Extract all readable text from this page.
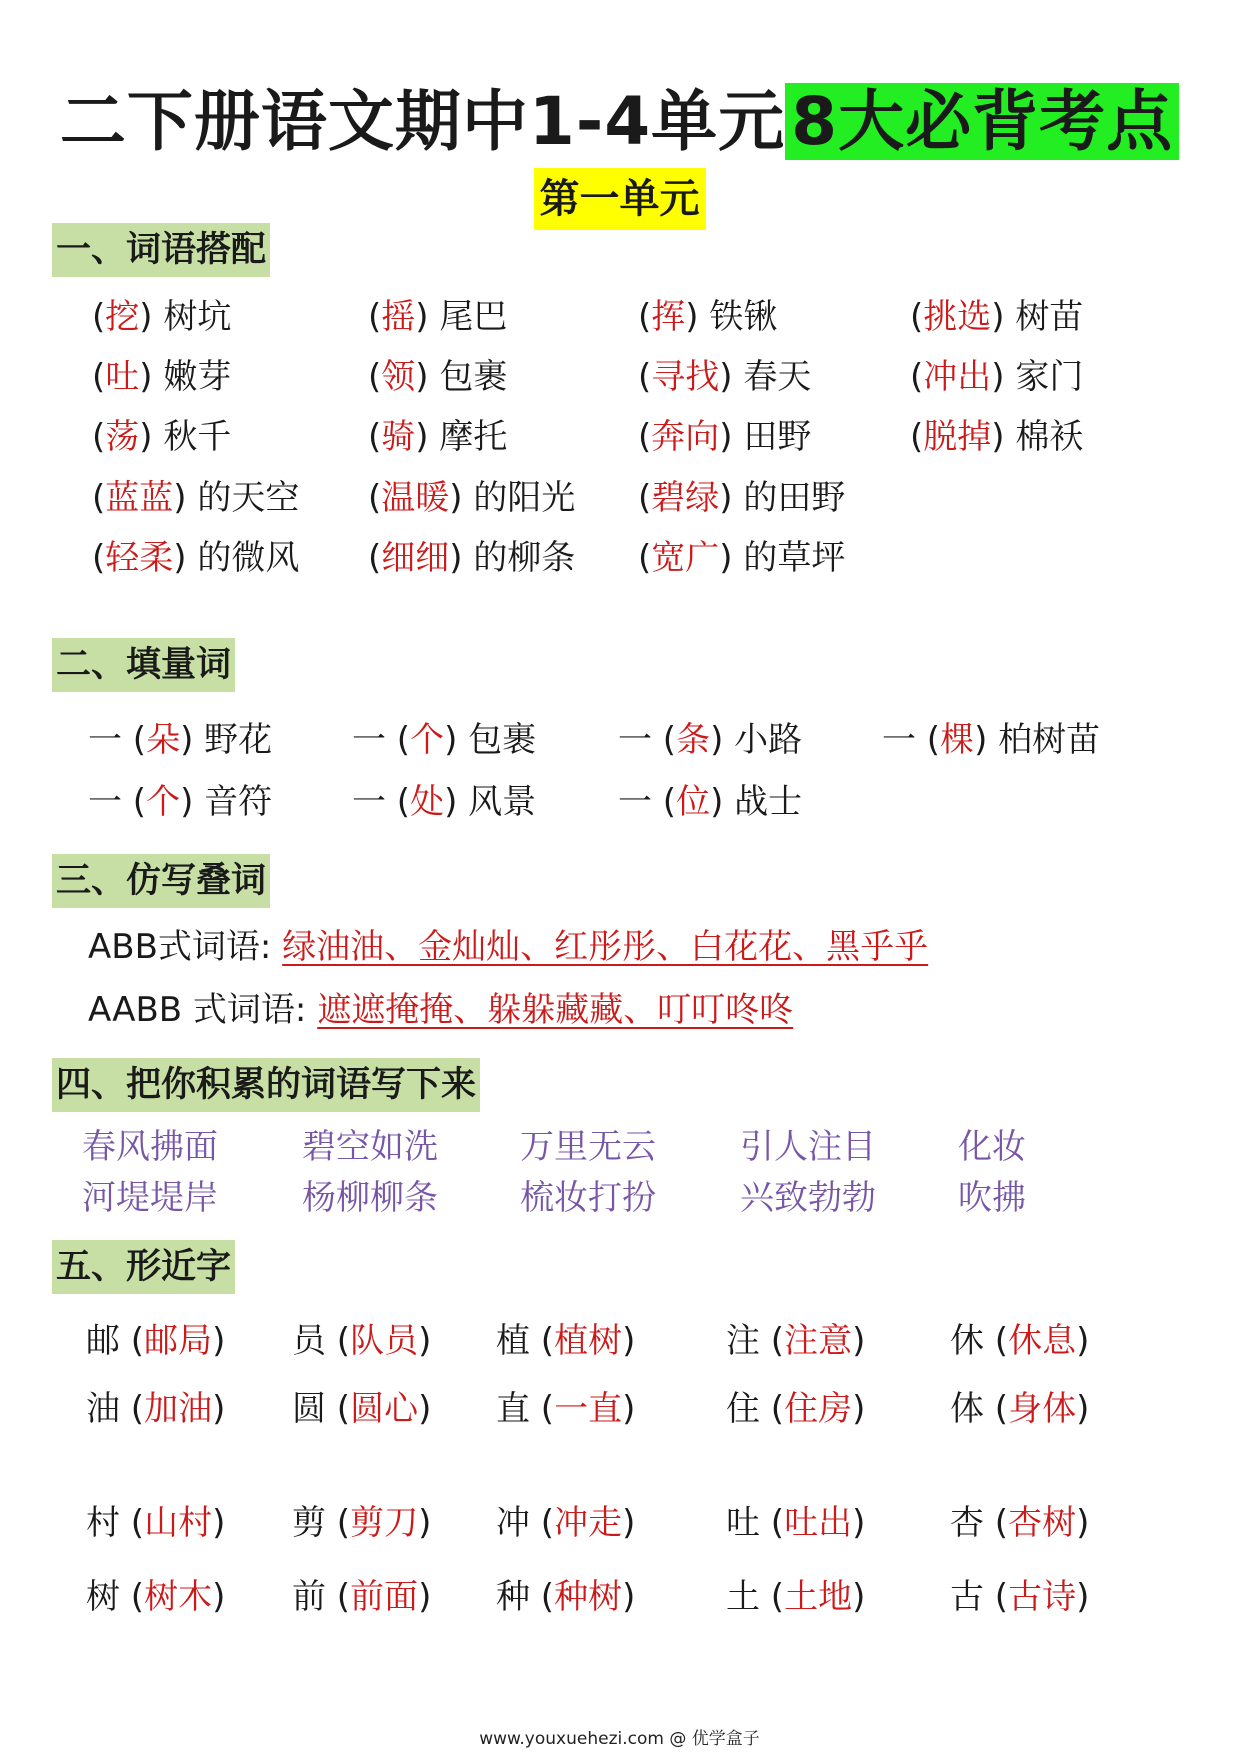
二下册语文期中1-4单元8大必背考点
第一单元
一、词语搭配
(挖) 树坑	(摇) 尾巴	(挥) 铁锹	(挑选) 树苗
(吐) 嫩芽	(领) 包裹	(寻找) 春天	(冲出) 家门
(荡) 秋千	(骑) 摩托	(奔向) 田野	(脱掉) 棉袄
(蓝蓝) 的天空 (温暖) 的阳光 (碧绿) 的田野
(轻柔) 的微风 (细细) 的柳条 (宽广) 的草坪
二、填量词
一 (朵) 野花 一 (个) 包裹 一 (条) 小路 一 (棵) 柏树苗
一 (个) 音符 一 (处) 风景 一 (位) 战士
三、仿写叠词
ABB式词语: 绿油油、金灿灿、红彤彤、白花花、黑乎乎
AABB 式词语: 遮遮掩掩、躲躲藏藏、叮叮咚咚
四、把你积累的词语写下来
春风拂面 碧空如洗 万里无云 引人注目 化妆
河堤堤岸 杨柳柳条 梳妆打扮 兴致勃勃 吹拂
五、形近字
邮 (邮局) 员 (队员) 植 (植树)	注 (注意) 休 (休息)
油 (加油) 圆 (圆心) 直 (一直)	住 (住房) 体 (身体)
村 (山村) 剪 (剪刀) 冲 (冲走)	吐 (吐出) 杏 (杏树)
树 (树木) 前 (前面) 种 (种树)	土 (土地) 古 (古诗)
www.youxuehezi.com @ 优学盒子
